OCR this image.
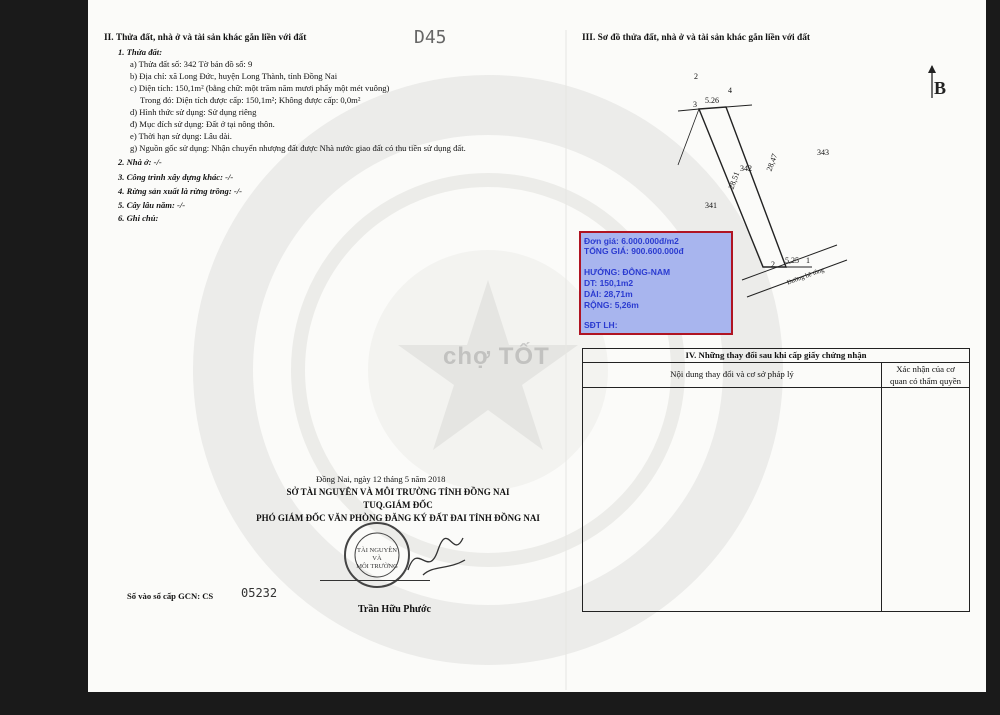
D45
II. Thửa đất, nhà ở và tài sản khác gắn liền với đất
1. Thửa đất:
a) Thửa đất số: 342 Tờ bản đồ số: 9
b) Địa chỉ: xã Long Đức, huyện Long Thành, tỉnh Đồng Nai
c) Diện tích: 150,1m² (bằng chữ: một trăm năm mươi phẩy một mét vuông)
Trong đó: Diện tích được cấp: 150,1m²; Không được cấp: 0,0m²
d) Hình thức sử dụng: Sử dụng riêng
đ) Mục đích sử dụng: Đất ở tại nông thôn.
e) Thời hạn sử dụng: Lâu dài.
g) Nguồn gốc sử dụng: Nhận chuyển nhượng đất được Nhà nước giao đất có thu tiền sử dụng đất.
2. Nhà ở: -/-
3. Công trình xây dựng khác: -/-
4. Rừng sản xuất là rừng trồng: -/-
5. Cây lâu năm: -/-
6. Ghi chú:
III. Sơ đồ thửa đất, nhà ở và tài sản khác gắn liền với đất
B
2
3 5.26
4
343
342
28,51
28,47
341
2 5,25 1
Đường bê tông
Đơn giá: 6.000.000đ/m2
TỔNG GIÁ: 900.600.000đ
HƯỚNG: ĐÔNG-NAM
DT: 150,1m2
DÀI: 28,71m
RỘNG: 5,26m
SĐT LH:
chợ TỐT	IV. Những thay đổi sau khi cấp giấy chứng nhận	
Nội dung thay đổi và cơ sở pháp lý	Xác nhận của cơ
quan có thẩm quyền

Đồng Nai, ngày 12 tháng 5 năm 2018
SỞ TÀI NGUYÊN VÀ MÔI TRƯỜNG TỈNH ĐỒNG NAI
TUQ.GIÁM ĐỐC
PHÓ GIÁM ĐỐC VĂN PHÒNG ĐĂNG KÝ ĐẤT ĐAI TỈNH ĐỒNG NAI
TÀI NGUYÊN
VÀ
MÔI TRƯỜNG
Số vào sổ cấp GCN: CS 05232
Trần Hữu Phước
